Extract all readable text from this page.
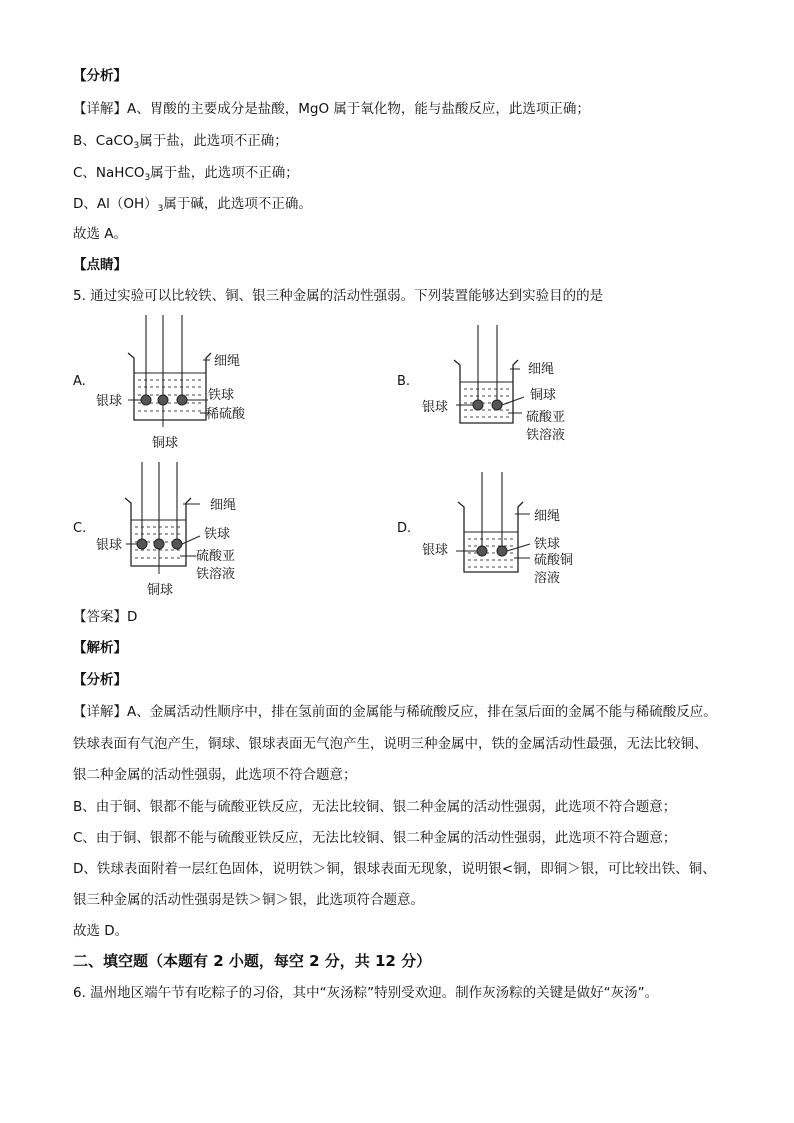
【分析】
【详解】A、胃酸的主要成分是盐酸，MgO 属于氧化物，能与盐酸反应，此选项正确；
B、CaCO$_3$属于盐，此选项不正确；
C、NaHCO$_3$属于盐，此选项不正确；
D、$Al(OH)_3$属于碱，此选项不正确。
故选 A。
【点睛】
5. 通过实验可以比较铁、铜、银三种金属的活动性强弱。下列装置能够达到实验目的的是
A.
细绳
银球	铁球
稀硫酸
铜球
B.
细绳
银球
铜球
硫酸亚
铁溶液
C.
细绳
银球
铁球
硫酸亚
铁溶液
铜球
D.
细绳
银球	铁球
硫酸铜
溶液
【答案】D
【解析】
【分析】
【详解】A、金属活动性顺序中，排在氢前面的金属能与稀硫酸反应，排在氢后面的金属不能与稀硫酸反应。
铁球表面有气泡产生，铜球、银球表面无气泡产生，说明三种金属中，铁的金属活动性最强，无法比较铜、
银二种金属的活动性强弱，此选项不符合题意；
B、由于铜、银都不能与硫酸亚铁反应，无法比较铜、银二种金属的活动性强弱，此选项不符合题意；
C、由于铜、银都不能与硫酸亚铁反应，无法比较铜、银二种金属的活动性强弱，此选项不符合题意；
D、铁球表面附着一层红色固体，说明铁＞铜，银球表面无现象，说明银<铜，即铜＞银，可比较出铁、铜、
银三种金属的活动性强弱是铁＞铜＞银，此选项符合题意。
故选 D。
二、填空题（本题有 2 小题，每空 2 分，共 12 分）
6. 温州地区端午节有吃粽子的习俗，其中“灰汤粽”特别受欢迎。制作灰汤粽的关键是做好“灰汤”。
